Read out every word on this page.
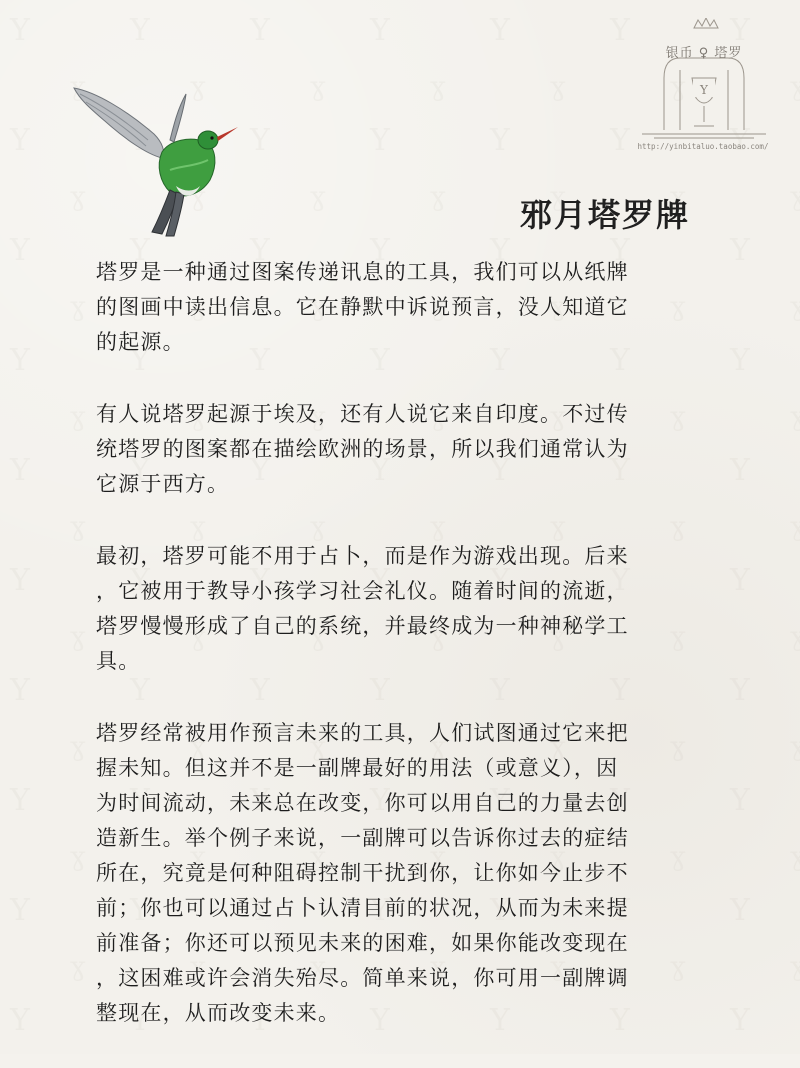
Y
银币 ♀ 塔罗
http://yinbitaluo.taobao.com/
邪月塔罗牌

塔罗是一种通过图案传递讯息的工具，我们可以从纸牌
的图画中读出信息。它在静默中诉说预言，没人知道它
的起源。

有人说塔罗起源于埃及，还有人说它来自印度。不过传
统塔罗的图案都在描绘欧洲的场景，所以我们通常认为
它源于西方。

最初，塔罗可能不用于占卜，而是作为游戏出现。后来
，它被用于教导小孩学习社会礼仪。随着时间的流逝，
塔罗慢慢形成了自己的系统，并最终成为一种神秘学工
具。

塔罗经常被用作预言未来的工具，人们试图通过它来把
握未知。但这并不是一副牌最好的用法（或意义），因
为时间流动，未来总在改变，你可以用自己的力量去创
造新生。举个例子来说，一副牌可以告诉你过去的症结
所在，究竟是何种阻碍控制干扰到你，让你如今止步不
前；你也可以通过占卜认清目前的状况，从而为未来提
前准备；你还可以预见未来的困难，如果你能改变现在
，这困难或许会消失殆尽。简单来说，你可用一副牌调
整现在，从而改变未来。
